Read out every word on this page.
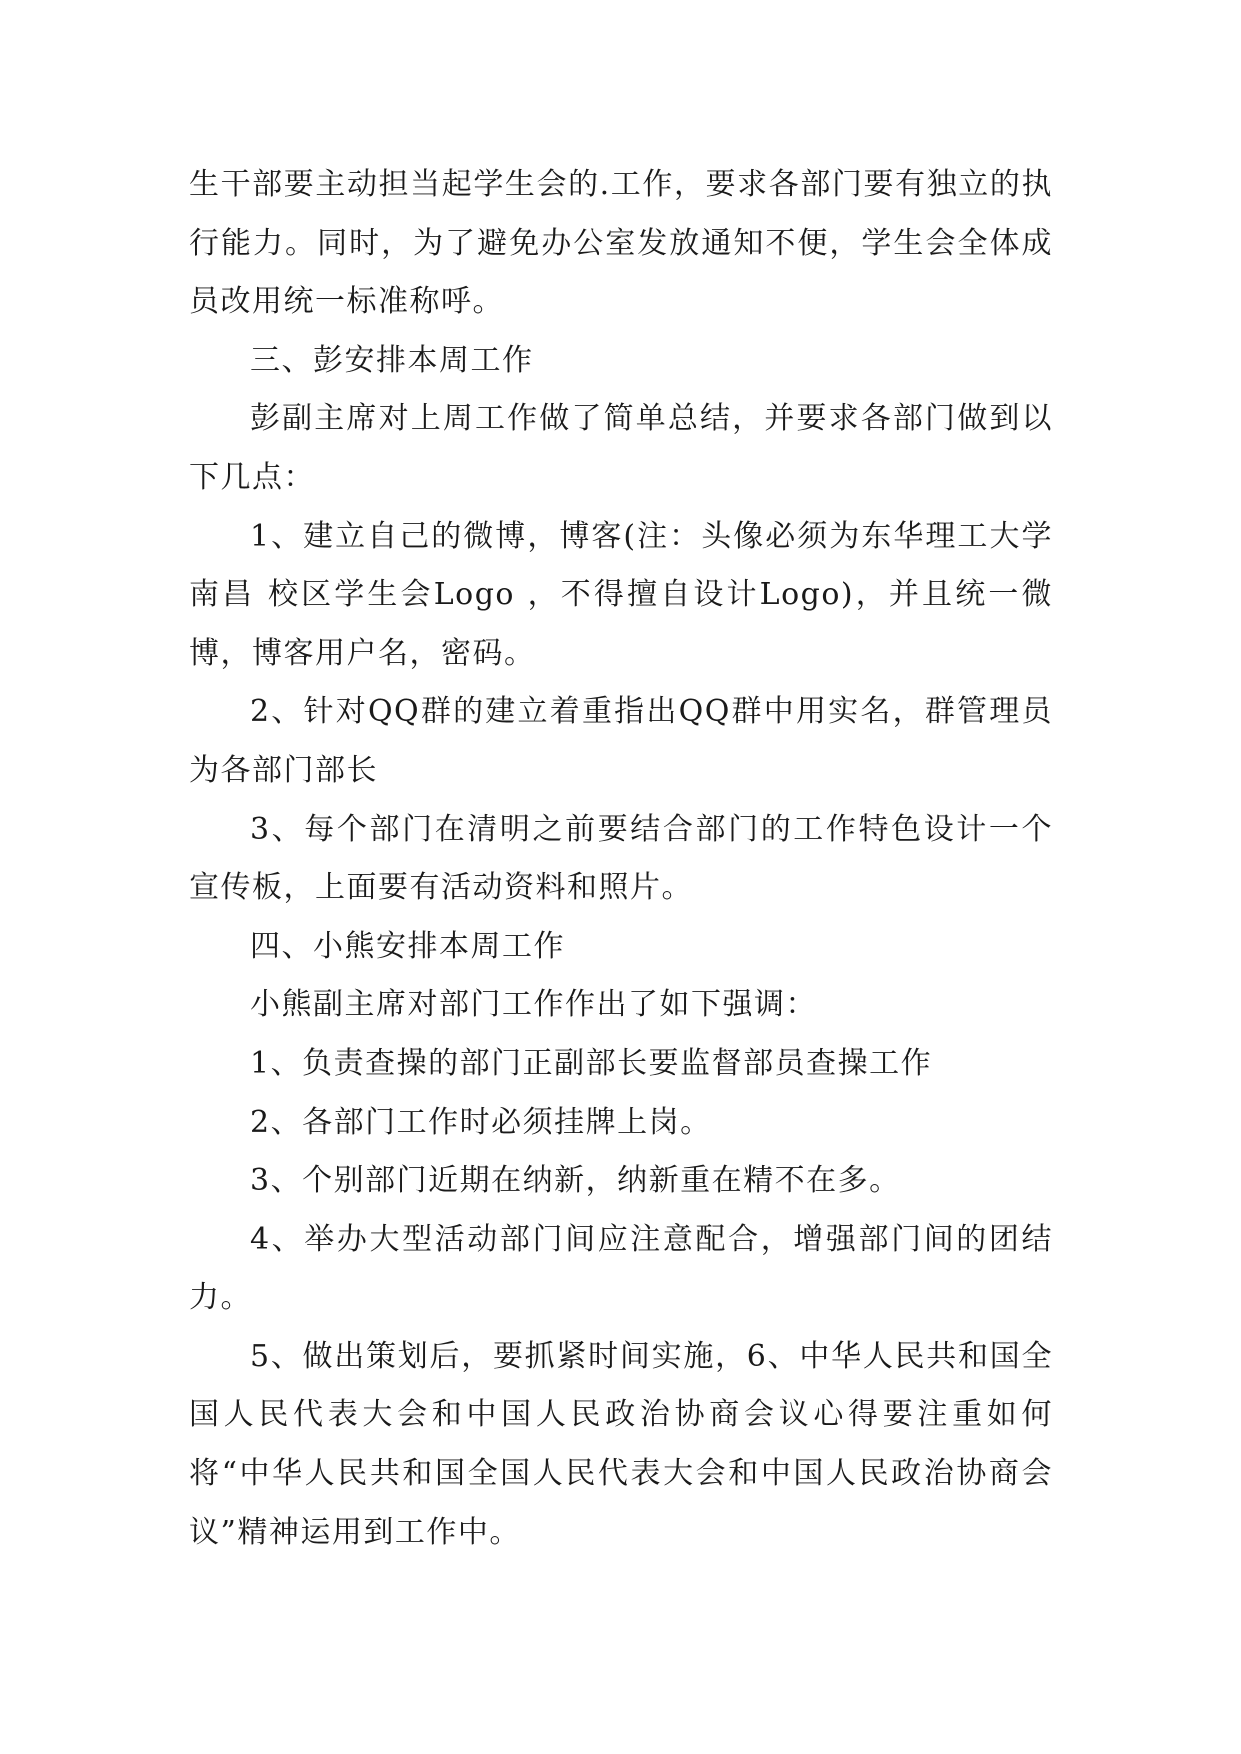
生干部要主动担当起学生会的.工作，要求各部门要有独立的执行能力。同时，为了避免办公室发放通知不便，学生会全体成员改用统一标准称呼。

三、彭安排本周工作

彭副主席对上周工作做了简单总结，并要求各部门做到以下几点：

1、建立自己的微博，博客(注：头像必须为东华理工大学南昌 校区学生会Logo ，不得擅自设计Logo)，并且统一微博，博客用户名，密码。

2、针对QQ群的建立着重指出QQ群中用实名，群管理员为各部门部长

3、每个部门在清明之前要结合部门的工作特色设计一个宣传板，上面要有活动资料和照片。

四、小熊安排本周工作

小熊副主席对部门工作作出了如下强调：

1、负责查操的部门正副部长要监督部员查操工作

2、各部门工作时必须挂牌上岗。

3、个别部门近期在纳新，纳新重在精不在多。

4、举办大型活动部门间应注意配合，增强部门间的团结力。

5、做出策划后，要抓紧时间实施，6、中华人民共和国全国人民代表大会和中国人民政治协商会议心得要注重如何将“中华人民共和国全国人民代表大会和中国人民政治协商会议”精神运用到工作中。
